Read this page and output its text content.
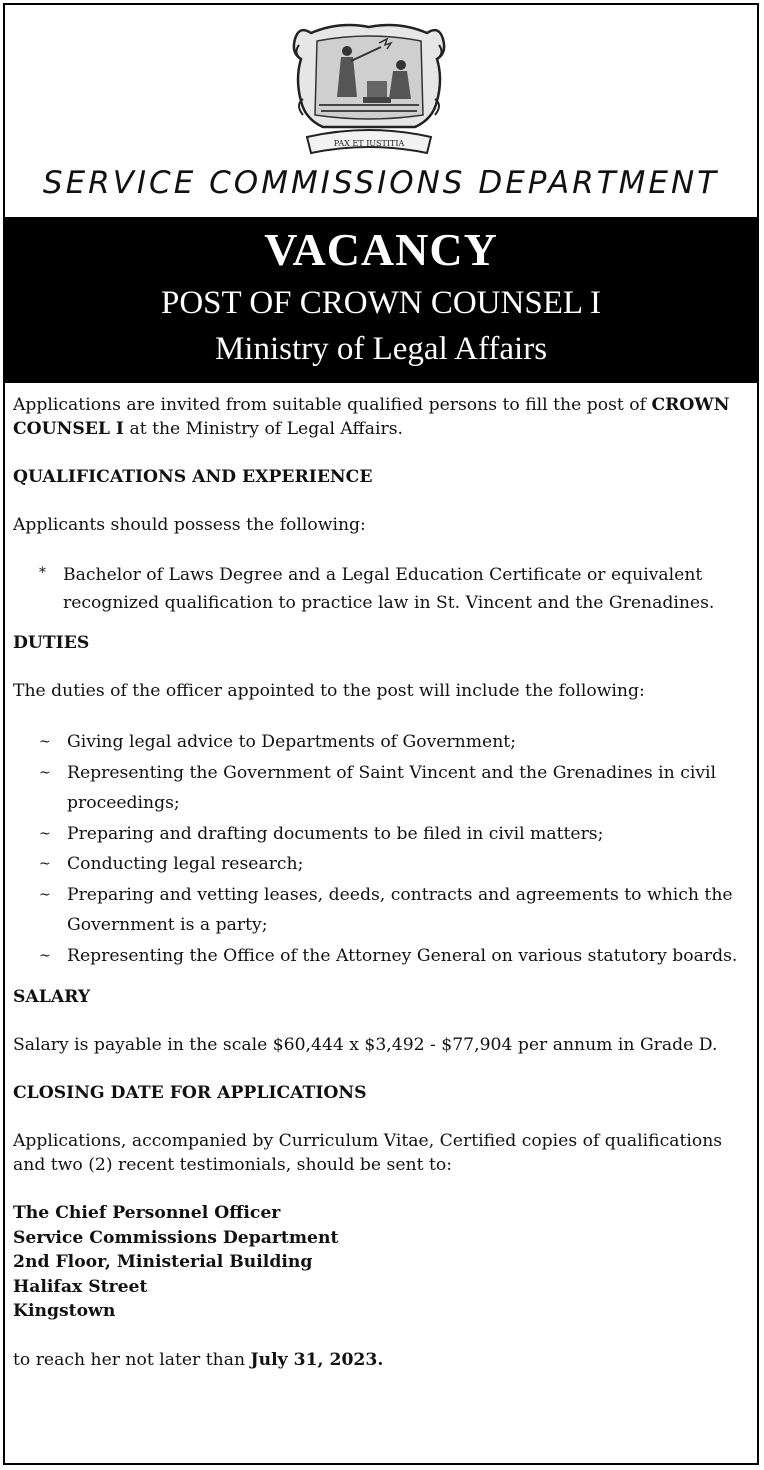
PAX ET JUSTITIA
SERVICE COMMISSIONS DEPARTMENT
VACANCY
POST OF CROWN COUNSEL I
Ministry of Legal Affairs

Applications are invited from suitable qualified persons to fill the post of CROWN COUNSEL I at the Ministry of Legal Affairs.

QUALIFICATIONS AND EXPERIENCE

Applicants should possess the following:

* Bachelor of Laws Degree and a Legal Education Certificate or equivalent recognized qualification to practice law in St. Vincent and the Grenadines.

DUTIES

The duties of the officer appointed to the post will include the following:

~ Giving legal advice to Departments of Government;
~ Representing the Government of Saint Vincent and the Grenadines in civil proceedings;
~ Preparing and drafting documents to be filed in civil matters;
~ Conducting legal research;
~ Preparing and vetting leases, deeds, contracts and agreements to which the Government is a party;
~ Representing the Office of the Attorney General on various statutory boards.

SALARY

Salary is payable in the scale $60,444 x $3,492 - $77,904 per annum in Grade D.

CLOSING DATE FOR APPLICATIONS

Applications, accompanied by Curriculum Vitae, Certified copies of qualifications and two (2) recent testimonials, should be sent to:

The Chief Personnel Officer

Service Commissions Department

2nd Floor, Ministerial Building

Halifax Street

Kingstown

to reach her not later than July 31, 2023.
